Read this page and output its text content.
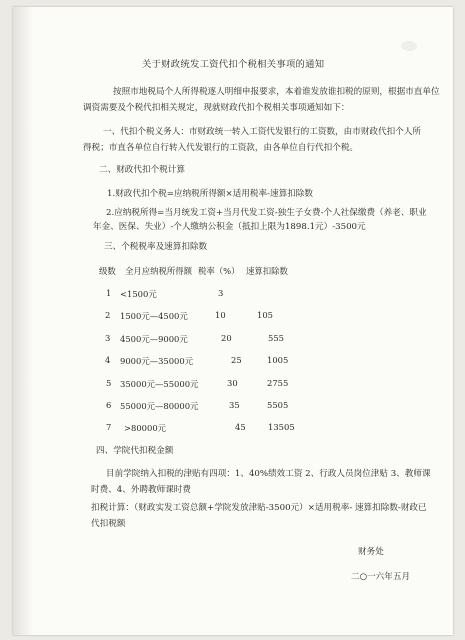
关于财政统发工资代扣个税相关事项的通知
按照市地税局个人所得税逐人明细申报要求，本着谁发放谁扣税的原则，根据市直单位
调资需要及个税代扣相关规定，现就财政代扣个税相关事项通知如下：
一、代扣个税义务人：市财政统一转入工资代发银行的工资数，由市财政代扣个人所
得税；市直各单位自行转入代发银行的工资款，由各单位自行代扣个税。
二、财政代扣个税计算
1.财政代扣个税=应纳税所得额×适用税率-速算扣除数
2.应纳税所得=当月统发工资+当月代发工资-独生子女费-个人社保缴费（养老、职业
年金、医保、失业）-个人缴纳公积金（抵扣上限为1898.1元）-3500元
三、个税税率及速算扣除数
级数 全月应纳税所得额 税率（%） 速算扣除数
1 <1500元	3
2 1500元—4500元	10	105
3 4500元—9000元	20	555
4 9000元—35000元	25	1005
5 35000元—55000元	30	2755
6 55000元—80000元	35	5505
7 >80000元	45	13505
四、学院代扣税金额
目前学院纳入扣税的津贴有四项：1、40%绩效工资 2、行政人员岗位津贴 3、教师课
时费、4、外聘教师课时费
扣税计算：（财政实发工资总额+学院发放津贴-3500元）×适用税率- 速算扣除数-财政已
代扣税额
财务处
二○一六年五月
